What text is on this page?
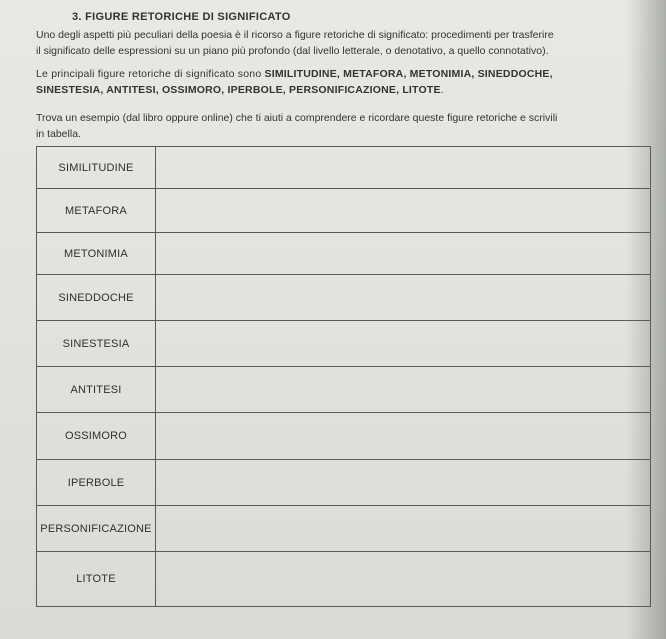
3. FIGURE RETORICHE DI SIGNIFICATO
Uno degli aspetti più peculiari della poesia è il ricorso a figure retoriche di significato: procedimenti per trasferire
il significato delle espressioni su un piano più profondo (dal livello letterale, o denotativo, a quello connotativo).
Le principali figure retoriche di significato sono SIMILITUDINE, METAFORA, METONIMIA, SINEDDOCHE,
SINESTESIA, ANTITESI, OSSIMORO, IPERBOLE, PERSONIFICAZIONE, LITOTE.
Trova un esempio (dal libro oppure online) che ti aiuti a comprendere e ricordare queste figure retoriche e scrivili
in tabella.
SIMILITUDINE	
METAFORA	
METONIMIA	
SINEDDOCHE	
SINESTESIA	
ANTITESI	
OSSIMORO	
IPERBOLE	
PERSONIFICAZIONE	
LITOTE	
